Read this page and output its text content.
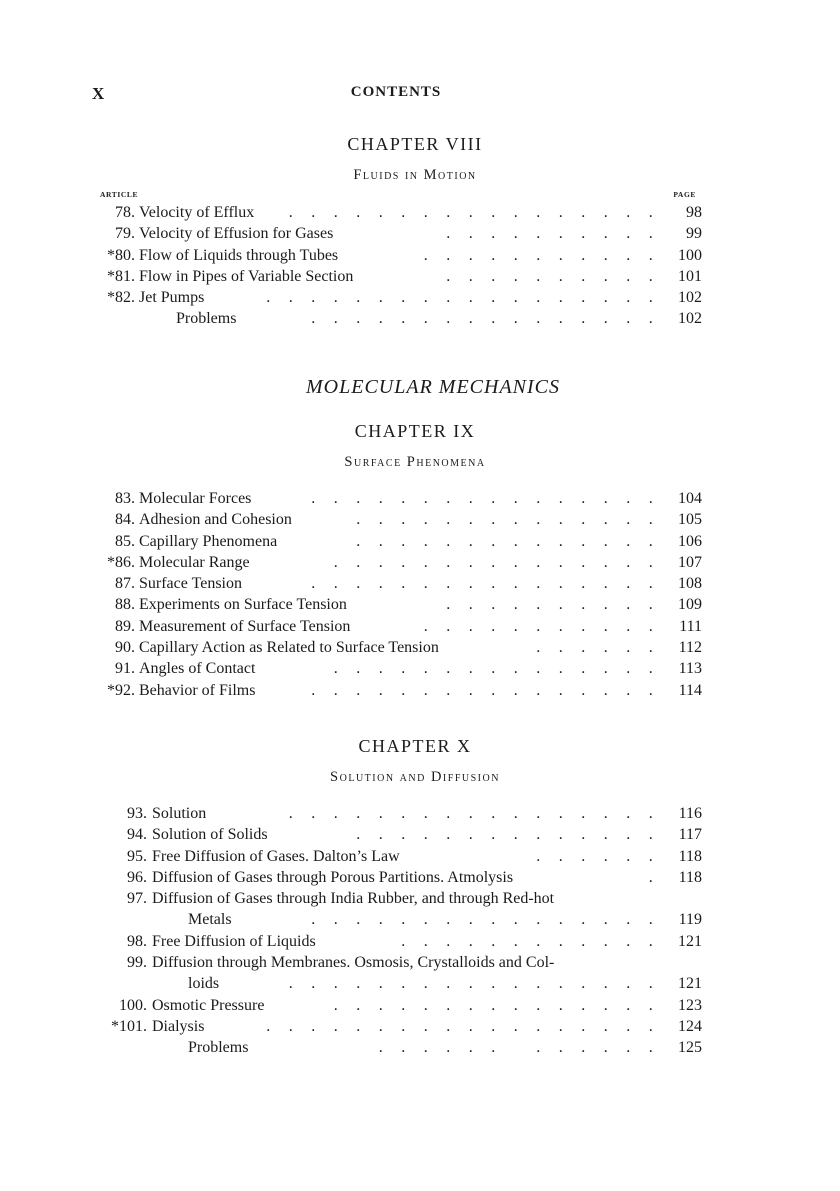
X	CONTENTS
CHAPTER VIII
Fluids in Motion
ARTICLE	PAGE
78. Velocity of Efflux	. . . . . . . . . . . . . . . . .	98
79. Velocity of Effusion for Gases	. . . . . . . . . .	99
*80. Flow of Liquids through Tubes	. . . . . . . . . . .	100
*81. Flow in Pipes of Variable Section	. . . . . . . . . .	101
*82. Jet Pumps	. . . . . . . . . . . . . . . . . .	102
Problems	. . . . . . . . . . . . . . . .	102
MOLECULAR MECHANICS
CHAPTER IX
Surface Phenomena
83. Molecular Forces	. . . . . . . . . . . . . . . .	104
84. Adhesion and Cohesion	. . . . . . . . . . . . . .	105
85. Capillary Phenomena	. . . . . . . . . . . . . .	106
*86. Molecular Range	. . . . . . . . . . . . . . .	107
87. Surface Tension	. . . . . . . . . . . . . . . .	108
88. Experiments on Surface Tension	. . . . . . . . . .	109
89. Measurement of Surface Tension	. . . . . . . . . . .	111
90. Capillary Action as Related to Surface Tension	. . . . . .	112
91. Angles of Contact	. . . . . . . . . . . . . . .	113
*92. Behavior of Films	. . . . . . . . . . . . . . . .	114
CHAPTER X
Solution and Diffusion
93. Solution	. . . . . . . . . . . . . . . . .	116
94. Solution of Solids	. . . . . . . . . . . . . .	117
95. Free Diffusion of Gases. Dalton’s Law	. . . . . .	118
96. Diffusion of Gases through Porous Partitions. Atmolysis	.	118
97. Diffusion of Gases through India Rubber, and through Red-hot
Metals	. . . . . . . . . . . . . . . .	119
98. Free Diffusion of Liquids	. . . . . . . . . . . .	121
99. Diffusion through Membranes. Osmosis, Crystalloids and Col-
loids	. . . . . . . . . . . . . . . . .	121
100. Osmotic Pressure	. . . . . . . . . . . . . . .	123
*101. Dialysis	. . . . . . . . . . . . . . . . . .	124
Problems	. . . . . .	. . . . . .	125
